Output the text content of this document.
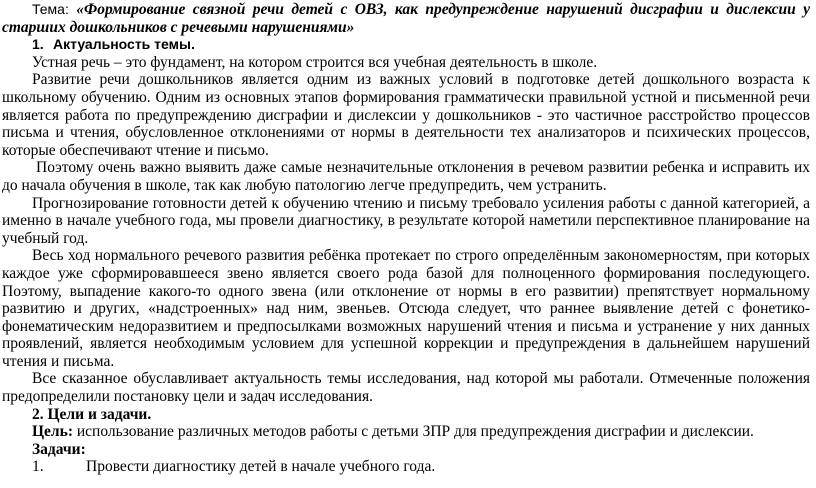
Тема: «Формирование связной речи детей с ОВЗ, как предупреждение нарушений дисграфии и дислексии у старших дошкольников с речевыми нарушениями»

1. Актуальность темы.

Устная речь – это фундамент, на котором строится вся учебная деятельность в школе.

Развитие речи дошкольников является одним из важных условий в подготовке детей дошкольного возраста к школьному обучению. Одним из основных этапов формирования грамматически правильной устной и письменной речи является работа по предупреждению дисграфии и дислексии у дошкольников - это частичное расстройство процессов письма и чтения, обусловленное отклонениями от нормы в деятельности тех анализаторов и психических процессов, которые обеспечивают чтение и письмо.

Поэтому очень важно выявить даже самые незначительные отклонения в речевом развитии ребенка и исправить их до начала обучения в школе, так как любую патологию легче предупредить, чем устранить.

Прогнозирование готовности детей к обучению чтению и письму требовало усиления работы с данной категорией, а именно в начале учебного года, мы провели диагностику, в результате которой наметили перспективное планирование на учебный год.

Весь ход нормального речевого развития ребёнка протекает по строго определённым закономерностям, при которых каждое уже сформировавшееся звено является своего рода базой для полноценного формирования последующего. Поэтому, выпадение какого-то одного звена (или отклонение от нормы в его развитии) препятствует нормальному развитию и других, «надстроенных» над ним, звеньев. Отсюда следует, что раннее выявление детей с фонетико-фонематическим недоразвитием и предпосылками возможных нарушений чтения и письма и устранение у них данных проявлений, является необходимым условием для успешной коррекции и предупреждения в дальнейшем нарушений чтения и письма.

Все сказанное обуславливает актуальность темы исследования, над которой мы работали. Отмеченные положения предопределили постановку цели и задач исследования.

2. Цели и задачи.

Цель: использование различных методов работы с детьми ЗПР для предупреждения дисграфии и дислексии.

Задачи:

1.	Провести диагностику детей в начале учебного года.
